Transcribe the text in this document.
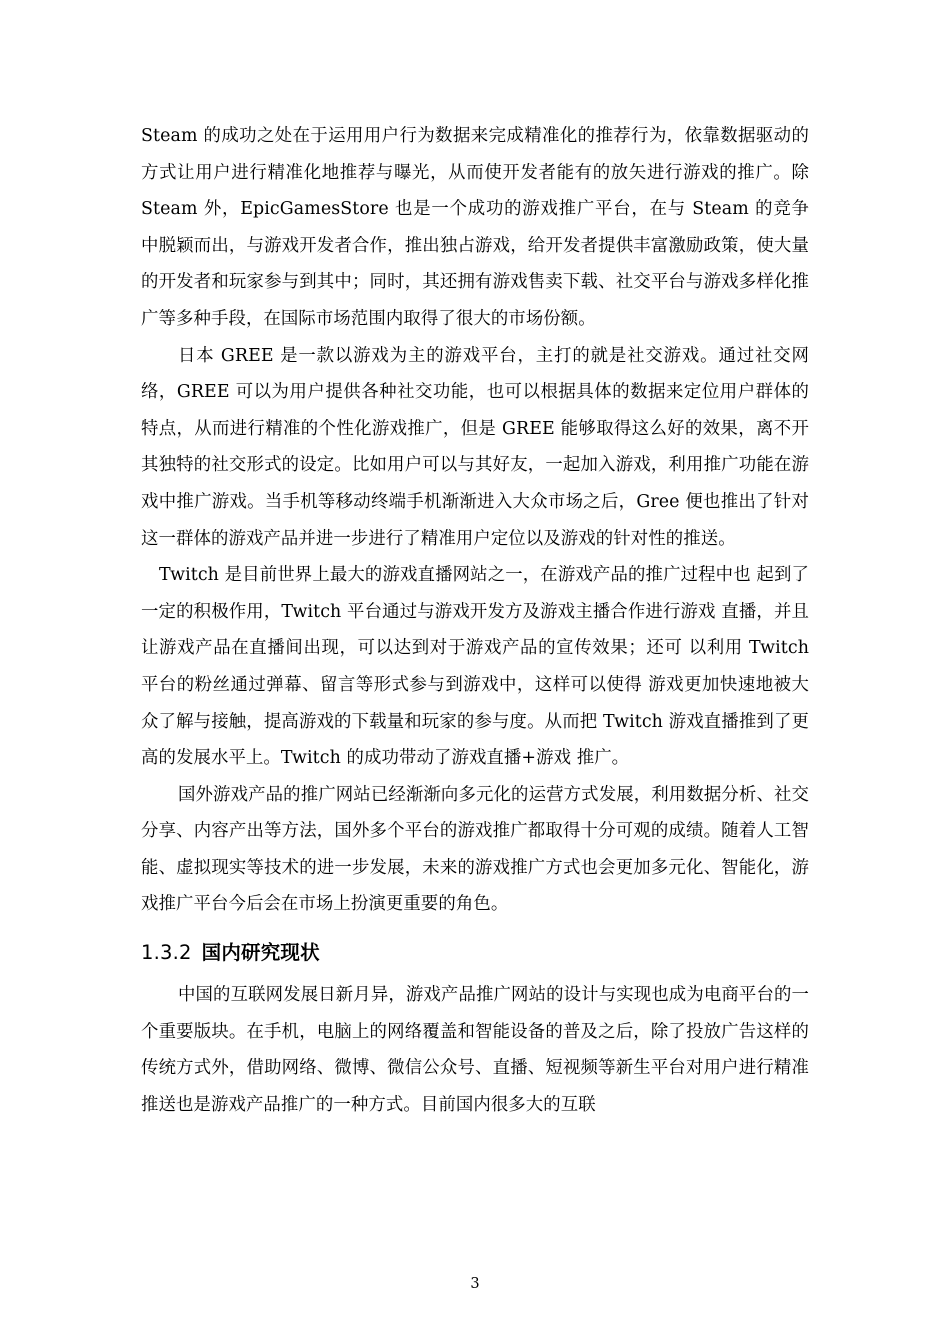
Steam 的成功之处在于运用用户行为数据来完成精准化的推荐行为，依靠数据驱动的方式让用户进行精准化地推荐与曝光，从而使开发者能有的放矢进行游戏的推广。除 Steam 外，EpicGamesStore 也是一个成功的游戏推广平台，在与 Steam 的竞争中脱颖而出，与游戏开发者合作，推出独占游戏，给开发者提供丰富激励政策，使大量的开发者和玩家参与到其中；同时，其还拥有游戏售卖下载、社交平台与游戏多样化推广等多种手段，在国际市场范围内取得了很大的市场份额。

日本 GREE 是一款以游戏为主的游戏平台，主打的就是社交游戏。通过社交网络，GREE 可以为用户提供各种社交功能，也可以根据具体的数据来定位用户群体的特点，从而进行精准的个性化游戏推广，但是 GREE 能够取得这么好的效果，离不开其独特的社交形式的设定。比如用户可以与其好友，一起加入游戏，利用推广功能在游戏中推广游戏。当手机等移动终端手机渐渐进入大众市场之后，Gree 便也推出了针对这一群体的游戏产品并进一步进行了精准用户定位以及游戏的针对性的推送。

Twitch 是目前世界上最大的游戏直播网站之一，在游戏产品的推广过程中也 起到了一定的积极作用，Twitch 平台通过与游戏开发方及游戏主播合作进行游戏 直播，并且让游戏产品在直播间出现，可以达到对于游戏产品的宣传效果；还可 以利用 Twitch 平台的粉丝通过弹幕、留言等形式参与到游戏中，这样可以使得 游戏更加快速地被大众了解与接触，提高游戏的下载量和玩家的参与度。从而把 Twitch 游戏直播推到了更高的发展水平上。Twitch 的成功带动了游戏直播+游戏 推广。

国外游戏产品的推广网站已经渐渐向多元化的运营方式发展，利用数据分析、社交分享、内容产出等方法，国外多个平台的游戏推广都取得十分可观的成绩。随着人工智能、虚拟现实等技术的进一步发展，未来的游戏推广方式也会更加多元化、智能化，游戏推广平台今后会在市场上扮演更重要的角色。

1.3.2 国内研究现状

中国的互联网发展日新月异，游戏产品推广网站的设计与实现也成为电商平台的一个重要版块。在手机，电脑上的网络覆盖和智能设备的普及之后，除了投放广告这样的传统方式外，借助网络、微博、微信公众号、直播、短视频等新生平台对用户进行精准推送也是游戏产品推广的一种方式。目前国内很多大的互联

3
